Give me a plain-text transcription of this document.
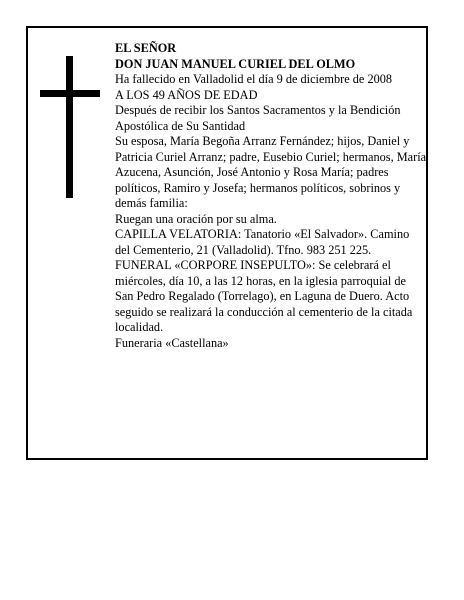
EL SEÑOR

DON JUAN MANUEL CURIEL DEL OLMO

Ha fallecido en Valladolid el día 9 de diciembre de 2008

A LOS 49 AÑOS DE EDAD

Después de recibir los Santos Sacramentos y la Bendición Apostólica de Su Santidad

Su esposa, María Begoña Arranz Fernández; hijos, Daniel y Patricia Curiel Arranz; padre, Eusebio Curiel; hermanos, María Azucena, Asunción, José Antonio y Rosa María; padres políticos, Ramiro y Josefa; hermanos políticos, sobrinos y demás familia:

Ruegan una oración por su alma.

CAPILLA VELATORIA: Tanatorio «El Salvador». Camino del Cementerio, 21 (Valladolid). Tfno. 983 251 225.

FUNERAL «CORPORE INSEPULTO»: Se celebrará el miércoles, día 10, a las 12 horas, en la iglesia parroquial de San Pedro Regalado (Torrelago), en Laguna de Duero. Acto seguido se realizará la conducción al cementerio de la citada localidad.

Funeraria «Castellana»
